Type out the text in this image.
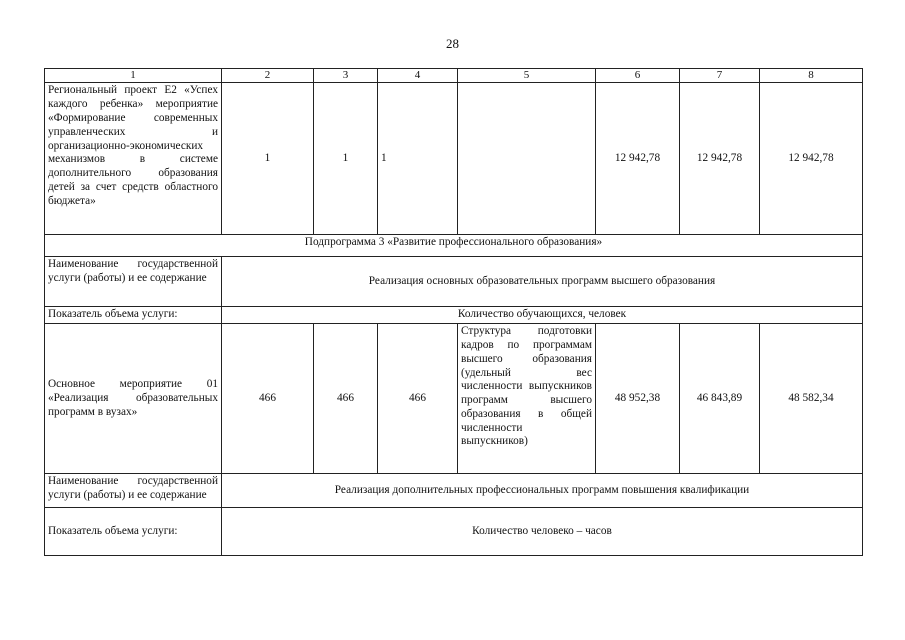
28
1	2	3	4	5	6	7	8
Региональный проект Е2 «Успех каждого ребенка» мероприятие «Формирование современных управленческих и организационно-экономических механизмов в системе дополнительного образования детей за счет средств областного бюджета»	1	1	1		12 942,78	12 942,78	12 942,78
Подпрограмма 3 «Развитие профессионального образования»							
Наименование государственной услуги (работы) и ее содержание	Реализация основных образовательных программ высшего образования						
Показатель объема услуги:	Количество обучающихся, человек						
Основное мероприятие 01 «Реализация образовательных программ в вузах»	466	466	466	Структура подготовки кадров по программам высшего образования (удельный вес численности выпускников программ высшего образования в общей численности выпускников)	48 952,38	46 843,89	48 582,34
Наименование государственной услуги (работы) и ее содержание	Реализация дополнительных профессиональных программ повышения квалификации						
Показатель объема услуги:	Количество человеко – часов						
